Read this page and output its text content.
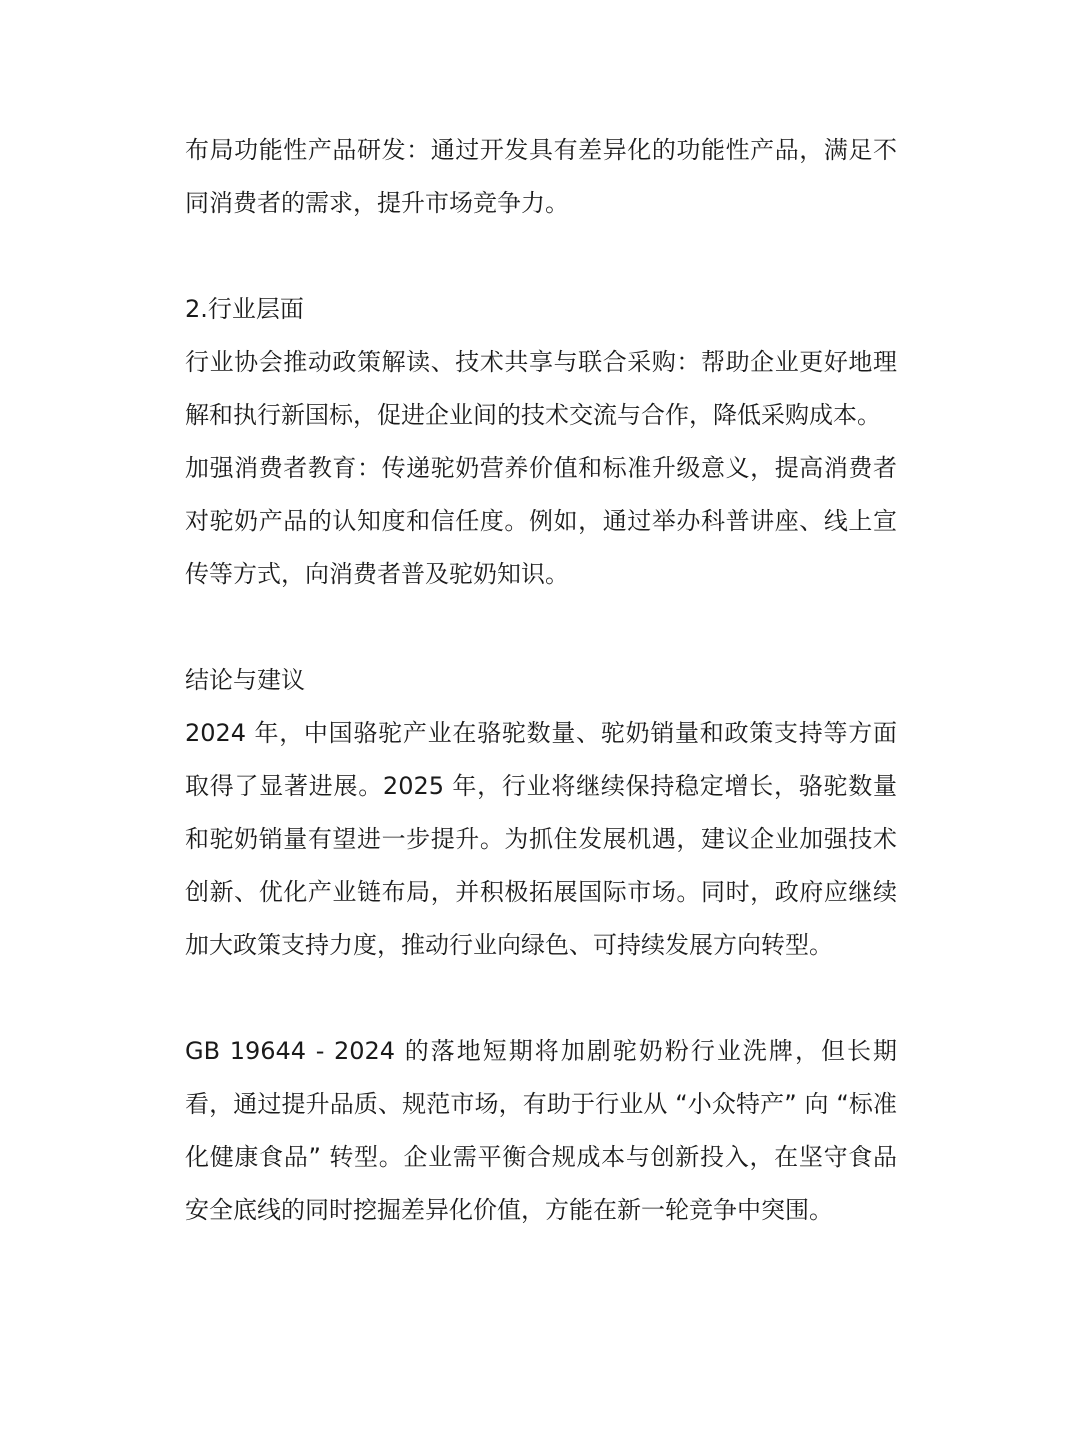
布局功能性产品研发：通过开发具有差异化的功能性产品，满足不同消费者的需求，提升市场竞争力。

2.行业层面

行业协会推动政策解读、技术共享与联合采购：帮助企业更好地理解和执行新国标，促进企业间的技术交流与合作，降低采购成本。

加强消费者教育：传递驼奶营养价值和标准升级意义，提高消费者对驼奶产品的认知度和信任度。例如，通过举办科普讲座、线上宣传等方式，向消费者普及驼奶知识。

结论与建议

2024 年，中国骆驼产业在骆驼数量、驼奶销量和政策支持等方面取得了显著进展。2025 年，行业将继续保持稳定增长，骆驼数量和驼奶销量有望进一步提升。为抓住发展机遇，建议企业加强技术创新、优化产业链布局，并积极拓展国际市场。同时，政府应继续加大政策支持力度，推动行业向绿色、可持续发展方向转型。

GB 19644 - 2024 的落地短期将加剧驼奶粉行业洗牌，但长期看，通过提升品质、规范市场，有助于行业从 “小众特产” 向 “标准化健康食品” 转型。企业需平衡合规成本与创新投入，在坚守食品安全底线的同时挖掘差异化价值，方能在新一轮竞争中突围。
